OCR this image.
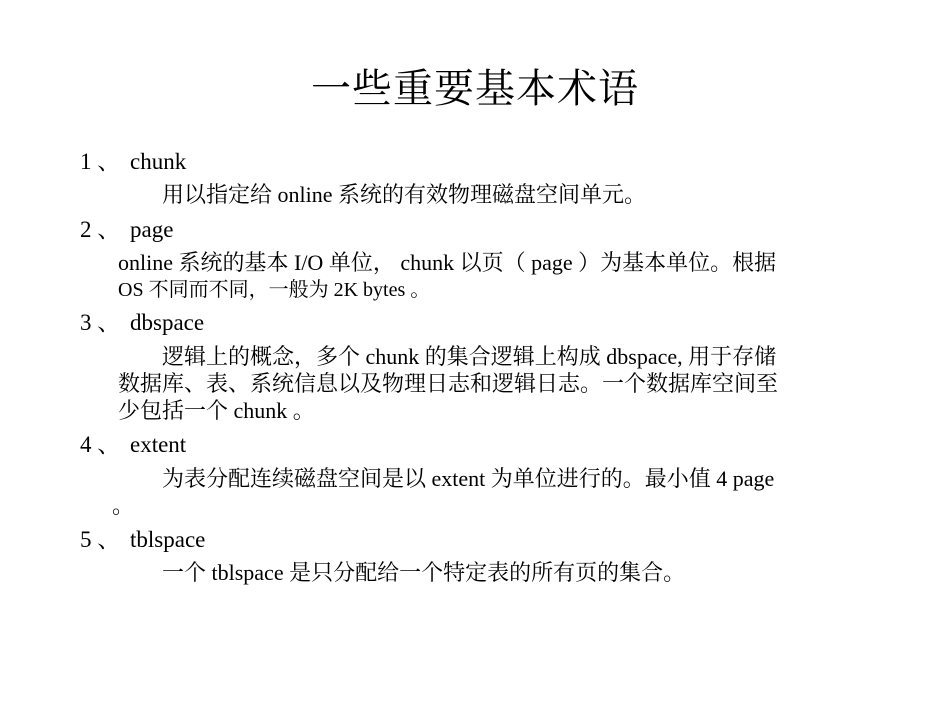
一些重要基本术语
1 、 chunk
用以指定给 online 系统的有效物理磁盘空间单元。
2 、 page
online 系统的基本 I/O 单位， chunk 以页（ page ）为基本单位。根据
OS 不同而不同，一般为 2K bytes 。
3 、 dbspace
逻辑上的概念，多个 chunk 的集合逻辑上构成 dbspace, 用于存储
数据库、表、系统信息以及物理日志和逻辑日志。一个数据库空间至
少包括一个 chunk 。
4 、 extent
为表分配连续磁盘空间是以 extent 为单位进行的。最小值 4 page
。
5 、 tblspace
一个 tblspace 是只分配给一个特定表的所有页的集合。
